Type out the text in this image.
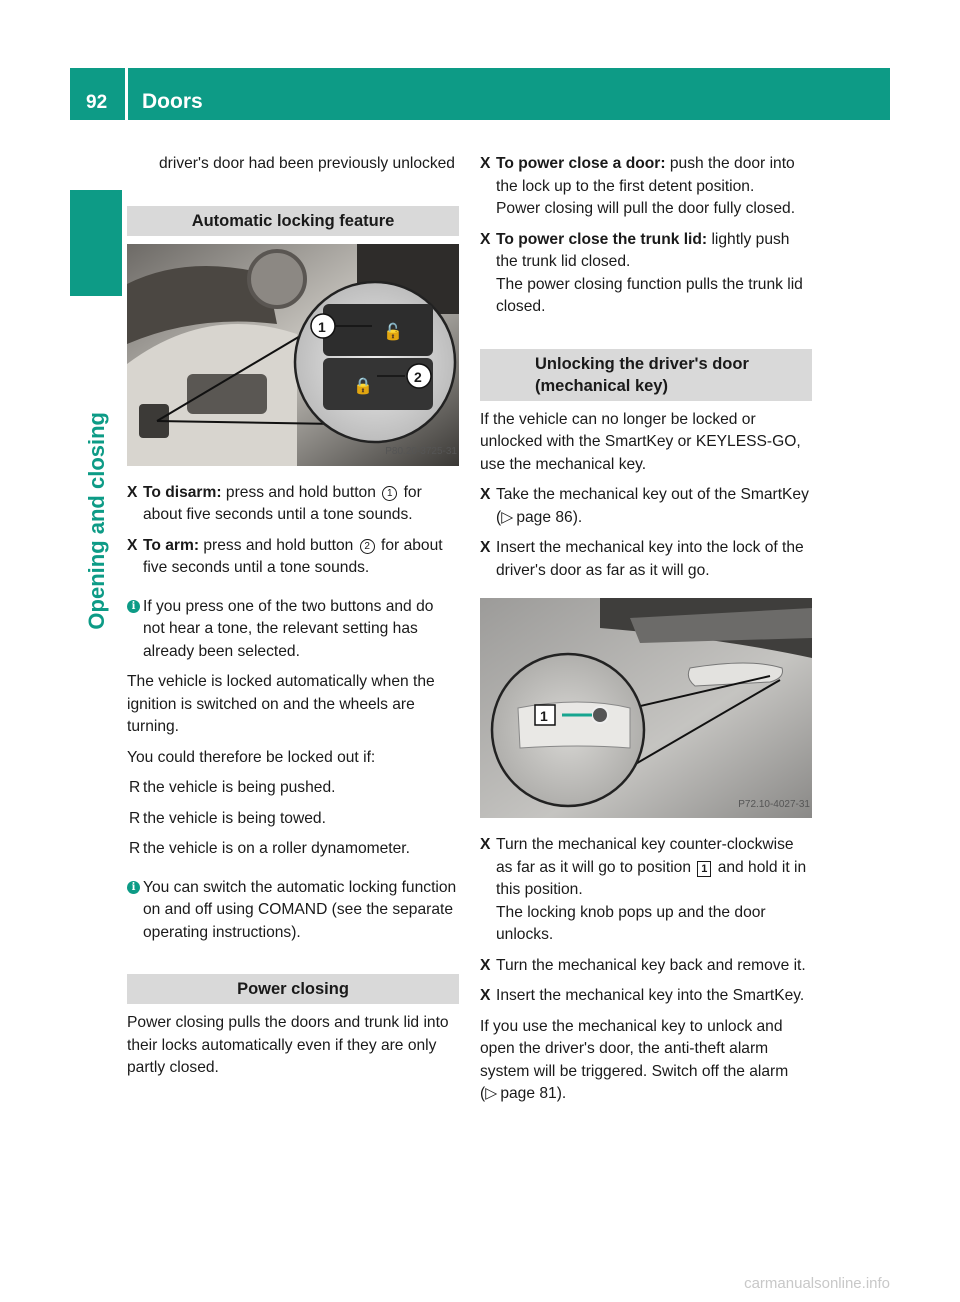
92 Doors
Opening and closing

driver's door had been previously unlocked

Automatic locking feature
🔓
🔒
1
2
P80.20-3725-31
X To disarm: press and hold button 1 for about five seconds until a tone sounds.
X To arm: press and hold button 2 for about five seconds until a tone sounds.
i If you press one of the two buttons and do not hear a tone, the relevant setting has already been selected.

The vehicle is locked automatically when the ignition is switched on and the wheels are turning.

You could therefore be locked out if:

R the vehicle is being pushed.
R the vehicle is being towed.
R the vehicle is on a roller dynamometer.
i You can switch the automatic locking function on and off using COMAND (see the separate operating instructions).
Power closing

Power closing pulls the doors and trunk lid into their locks automatically even if they are only partly closed.

X To power close a door: push the door into the lock up to the first detent position.
Power closing will pull the door fully closed.
X To power close the trunk lid: lightly push the trunk lid closed.
The power closing function pulls the trunk lid closed.
Unlocking the driver's door (mechanical key)

If the vehicle can no longer be locked or unlocked with the SmartKey or KEYLESS-GO, use the mechanical key.

X Take the mechanical key out of the SmartKey (▷ page 86).
X Insert the mechanical key into the lock of the driver's door as far as it will go.
1
P72.10-4027-31
X Turn the mechanical key counter-clockwise as far as it will go to position 1 and hold it in this position.
The locking knob pops up and the door unlocks.
X Turn the mechanical key back and remove it.
X Insert the mechanical key into the SmartKey.

If you use the mechanical key to unlock and open the driver's door, the anti-theft alarm system will be triggered. Switch off the alarm (▷ page 81).

carmanualsonline.info
